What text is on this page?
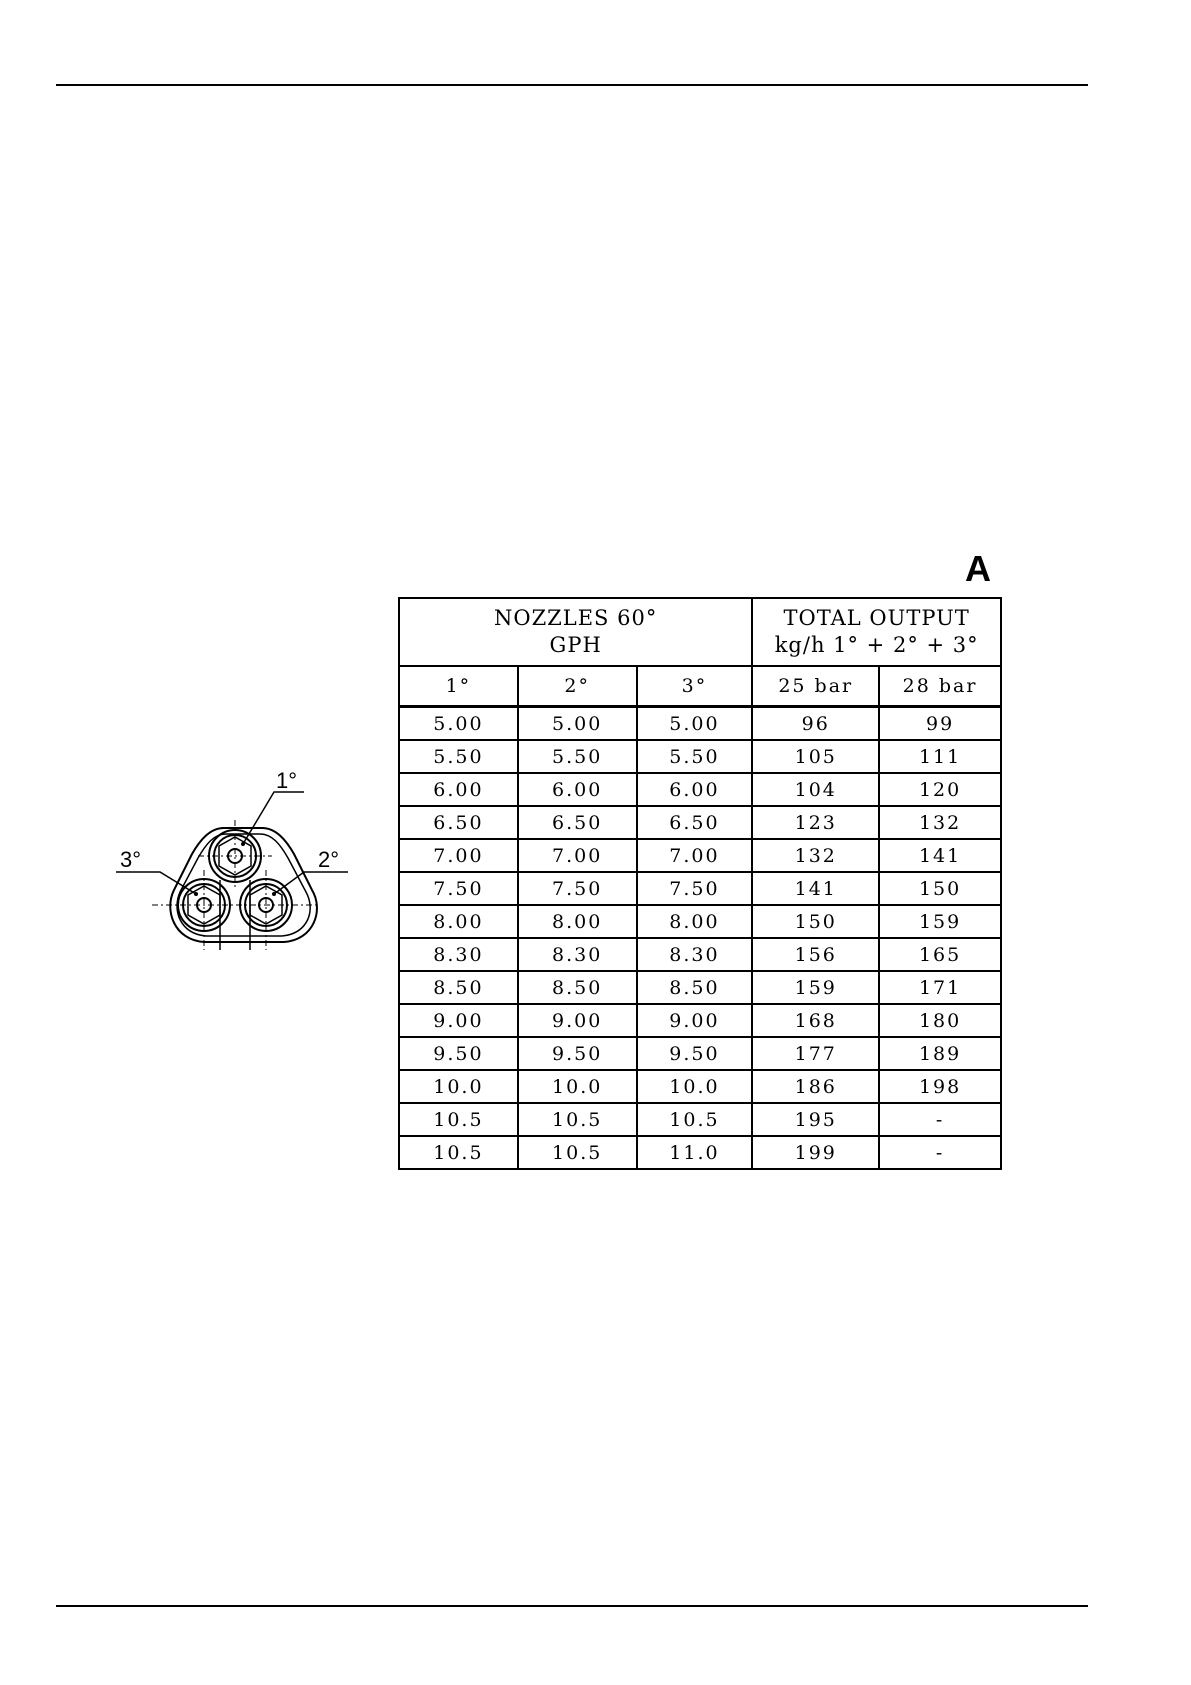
A
1°
3°	2°
NOZZLES 60°
GPH			TOTAL OUTPUT
kg/h 1° + 2° + 3°	

1°	2°	3°	25 bar	28 bar
5.00	5.00	5.00	96	99
5.50	5.50	5.50	105	111
6.00	6.00	6.00	104	120
6.50	6.50	6.50	123	132
7.00	7.00	7.00	132	141
7.50	7.50	7.50	141	150
8.00	8.00	8.00	150	159
8.30	8.30	8.30	156	165
8.50	8.50	8.50	159	171
9.00	9.00	9.00	168	180
9.50	9.50	9.50	177	189
10.0	10.0	10.0	186	198
10.5	10.5	10.5	195	-
10.5	10.5	11.0	199	-
